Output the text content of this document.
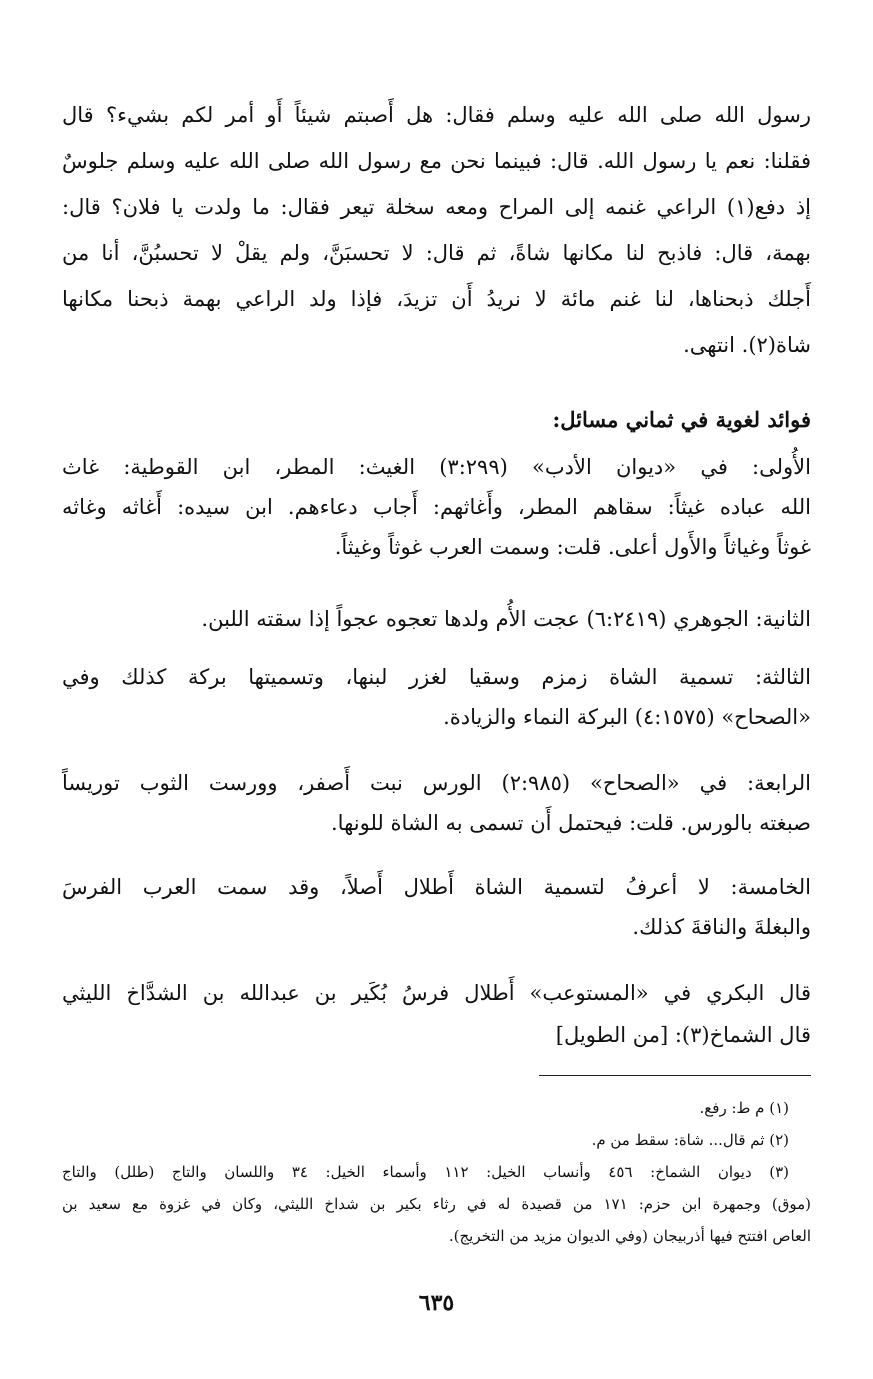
رسول الله صلى الله عليه وسلم فقال: هل أَصبتم شيئاً أَو أمر لكم بشيء؟ قال
فقلنا: نعم يا رسول الله. قال: فبينما نحن مع رسول الله صلى الله عليه وسلم جلوسٌ
إذ دفع(١) الراعي غنمه إلى المراح ومعه سخلة تيعر فقال: ما ولدت يا فلان؟ قال:
بهمة، قال: فاذبح لنا مكانها شاةً، ثم قال: لا تحسبَنَّ، ولم يقلْ لا تحسبُنَّ، أنا من
أَجلك ذبحناها، لنا غنم مائة لا نريدُ أَن تزيدَ، فإذا ولد الراعي بهمة ذبحنا مكانها
شاة(٢). انتهى.
فوائد لغوية في ثماني مسائل:
الأُولى: في «ديوان الأدب» (٣:٢٩٩) الغيث: المطر، ابن القوطية: غاث
الله عباده غيثاً: سقاهم المطر، وأَغاثهم: أَجاب دعاءهم. ابن سيده: أَغاثه وغاثه
غوثاً وغياثاً والأَول أعلى. قلت: وسمت العرب غوثاً وغيثاً.
الثانية: الجوهري (٦:٢٤١٩) عجت الأُم ولدها تعجوه عجواً إذا سقته اللبن.
الثالثة: تسمية الشاة زمزم وسقيا لغزر لبنها، وتسميتها بركة كذلك وفي
«الصحاح» (٤:١٥٧٥) البركة النماء والزيادة.
الرابعة: في «الصحاح» (٢:٩٨٥) الورس نبت أَصفر، وورست الثوب توريساً
صبغته بالورس. قلت: فيحتمل أَن تسمى به الشاة للونها.
الخامسة: لا أعرفُ لتسمية الشاة أَطلال أَصلاً، وقد سمت العرب الفرسَ
والبغلةَ والناقةَ كذلك.
قال البكري في «المستوعب» أَطلال فرسُ بُكَير بن عبدالله بن الشدَّاخ الليثي
قال الشماخ(٣): [من الطويل]
(١) م ط: رفع.
(٢) ثم قال... شاة: سقط من م.
(٣) ديوان الشماخ: ٤٥٦ وأنساب الخيل: ١١٢ وأسماء الخيل: ٣٤ واللسان والتاج (طلل) والتاج
(موق) وجمهرة ابن حزم: ١٧١ من قصيدة له في رثاء بكير بن شداخ الليثي، وكان في غزوة مع سعيد بن
العاص افتتح فيها أذربيجان (وفي الديوان مزيد من التخريج).
٦٣٥
